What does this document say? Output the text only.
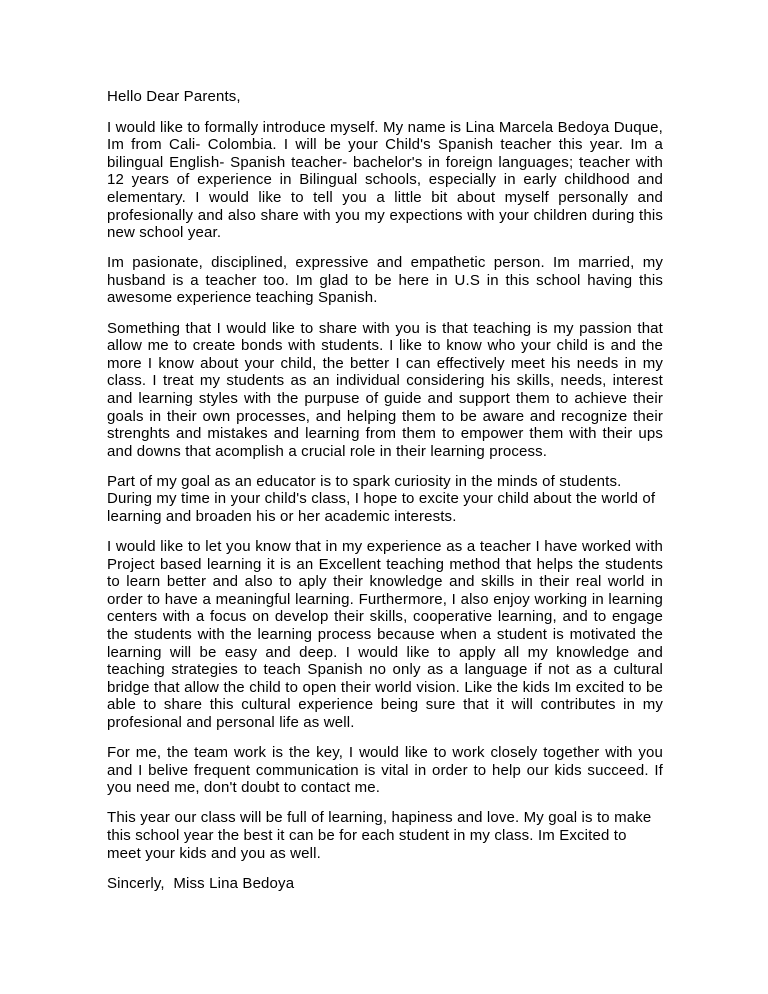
Hello Dear Parents,

I would like to formally introduce myself. My name is Lina Marcela Bedoya Duque, Im from Cali- Colombia. I will be your Child's Spanish teacher this year. Im a bilingual English- Spanish teacher- bachelor's in foreign languages; teacher with 12 years of experience in Bilingual schools, especially in early childhood and elementary. I would like to tell you a little bit about myself personally and profesionally and also share with you my expections with your children during this new school year.

Im pasionate, disciplined, expressive and empathetic person. Im married, my husband is a teacher too. Im glad to be here in U.S in this school having this awesome experience teaching Spanish.

Something that I would like to share with you is that teaching is my passion that allow me to create bonds with students. I like to know who your child is and the more I know about your child, the better I can effectively meet his needs in my class. I treat my students as an individual considering his skills, needs, interest and learning styles with the purpuse of guide and support them to achieve their goals in their own processes, and helping them to be aware and recognize their strenghts and mistakes and learning from them to empower them with their ups and downs that acomplish a crucial role in their learning process.

Part of my goal as an educator is to spark curiosity in the minds of students.  During my time in your child's class, I hope to excite your child about the world of learning and broaden his or her academic interests.

I would like to let you know that in my experience as a teacher I have worked with Project based learning it is an Excellent teaching method that helps the students to learn better and also to aply their knowledge and skills in their real world in order to have a meaningful learning. Furthermore, I also enjoy working in learning centers with a focus on develop their skills, cooperative learning, and to engage the students with the learning process because when a student is motivated the learning will be easy and deep. I would like to apply all my knowledge and teaching strategies to teach Spanish no only as a language if not as a cultural bridge that allow the child to open their world vision. Like the kids Im excited to be able to share this cultural experience being sure that it will contributes in my profesional and personal life as well.

For me, the team work is the key, I would like to work closely together with you and I belive frequent communication is vital in order to help our kids succeed. If you need me, don't doubt to contact me.

This year our class will be full of learning, hapiness and love. My goal is to make this school year the best it can be for each student in my class. Im Excited to meet your kids and you as well.

Sincerly,  Miss Lina Bedoya
